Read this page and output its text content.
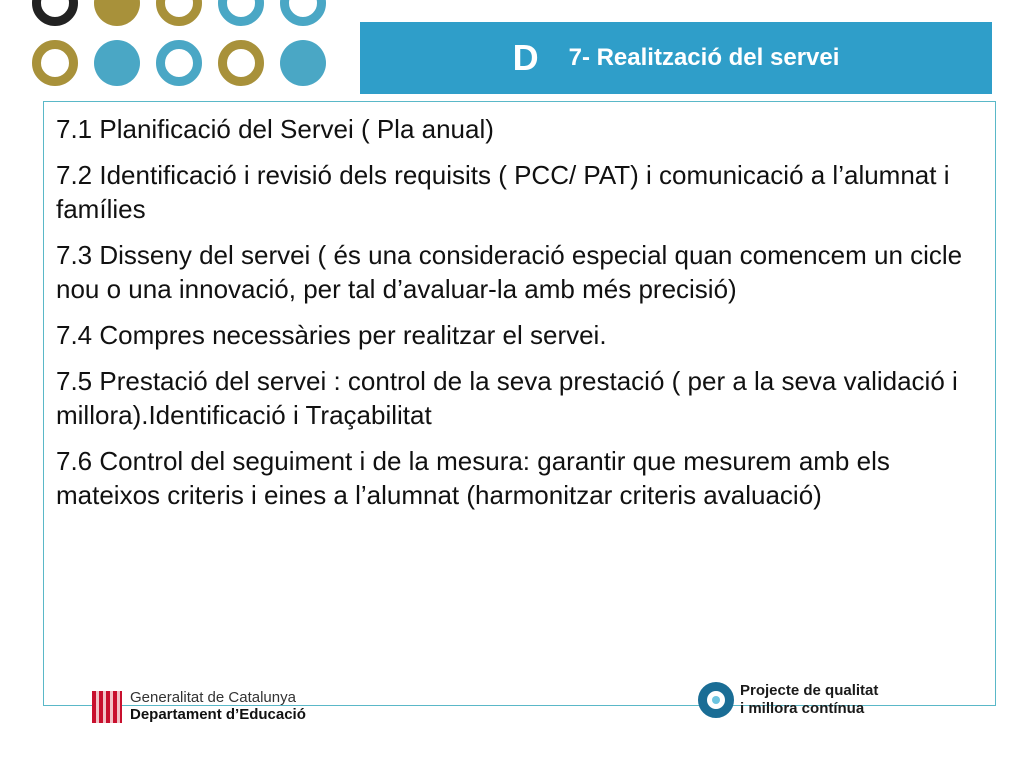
D 7- Realització del servei

7.1 Planificació del Servei ( Pla anual)

7.2 Identificació i revisió dels requisits ( PCC/ PAT) i comunicació a l’alumnat i famílies

7.3 Disseny del servei ( és una consideració especial quan comencem un cicle nou o una innovació, per tal d’avaluar-la amb més precisió)

7.4 Compres necessàries per realitzar el servei.

7.5 Prestació del servei : control de la seva prestació ( per a la seva validació i millora).Identificació i Traçabilitat

7.6 Control del seguiment i de la mesura: garantir que mesurem amb els mateixos criteris i eines a l’alumnat (harmonitzar criteris avaluació)

Generalitat de Catalunya
Departament d’Educació
Projecte de qualitat
i millora contínua
